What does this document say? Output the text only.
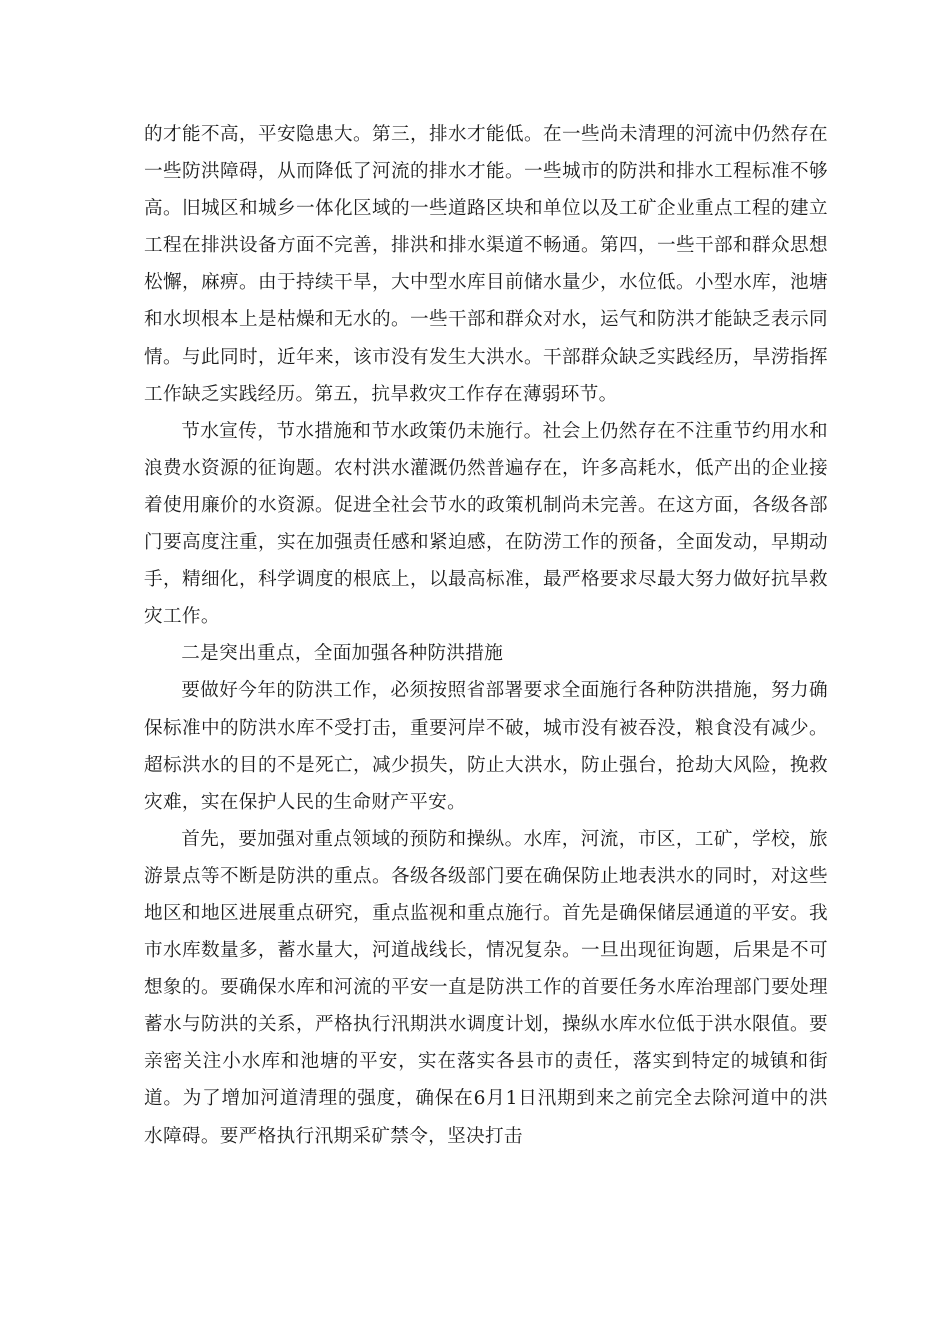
的才能不高，平安隐患大。第三，排水才能低。在一些尚未清理的河流中仍然存在一些防洪障碍，从而降低了河流的排水才能。一些城市的防洪和排水工程标准不够高。旧城区和城乡一体化区域的一些道路区块和单位以及工矿企业重点工程的建立工程在排洪设备方面不完善，排洪和排水渠道不畅通。第四，一些干部和群众思想松懈，麻痹。由于持续干旱，大中型水库目前储水量少，水位低。小型水库，池塘和水坝根本上是枯燥和无水的。一些干部和群众对水，运气和防洪才能缺乏表示同情。与此同时，近年来，该市没有发生大洪水。干部群众缺乏实践经历，旱涝指挥工作缺乏实践经历。第五，抗旱救灾工作存在薄弱环节。

节水宣传，节水措施和节水政策仍未施行。社会上仍然存在不注重节约用水和浪费水资源的征询题。农村洪水灌溉仍然普遍存在，许多高耗水，低产出的企业接着使用廉价的水资源。促进全社会节水的政策机制尚未完善。在这方面，各级各部门要高度注重，实在加强责任感和紧迫感，在防涝工作的预备，全面发动，早期动手，精细化，科学调度的根底上，以最高标准，最严格要求尽最大努力做好抗旱救灾工作。

二是突出重点，全面加强各种防洪措施

要做好今年的防洪工作，必须按照省部署要求全面施行各种防洪措施，努力确保标准中的防洪水库不受打击，重要河岸不破，城市没有被吞没，粮食没有减少。超标洪水的目的不是死亡，减少损失，防止大洪水，防止强台，抢劫大风险，挽救灾难，实在保护人民的生命财产平安。

首先，要加强对重点领域的预防和操纵。水库，河流，市区，工矿，学校，旅游景点等不断是防洪的重点。各级各级部门要在确保防止地表洪水的同时，对这些地区和地区进展重点研究，重点监视和重点施行。首先是确保储层通道的平安。我市水库数量多，蓄水量大，河道战线长，情况复杂。一旦出现征询题，后果是不可想象的。要确保水库和河流的平安一直是防洪工作的首要任务水库治理部门要处理蓄水与防洪的关系，严格执行汛期洪水调度计划，操纵水库水位低于洪水限值。要亲密关注小水库和池塘的平安，实在落实各县市的责任，落实到特定的城镇和街道。为了增加河道清理的强度，确保在6月1日汛期到来之前完全去除河道中的洪水障碍。要严格执行汛期采矿禁令，坚决打击
